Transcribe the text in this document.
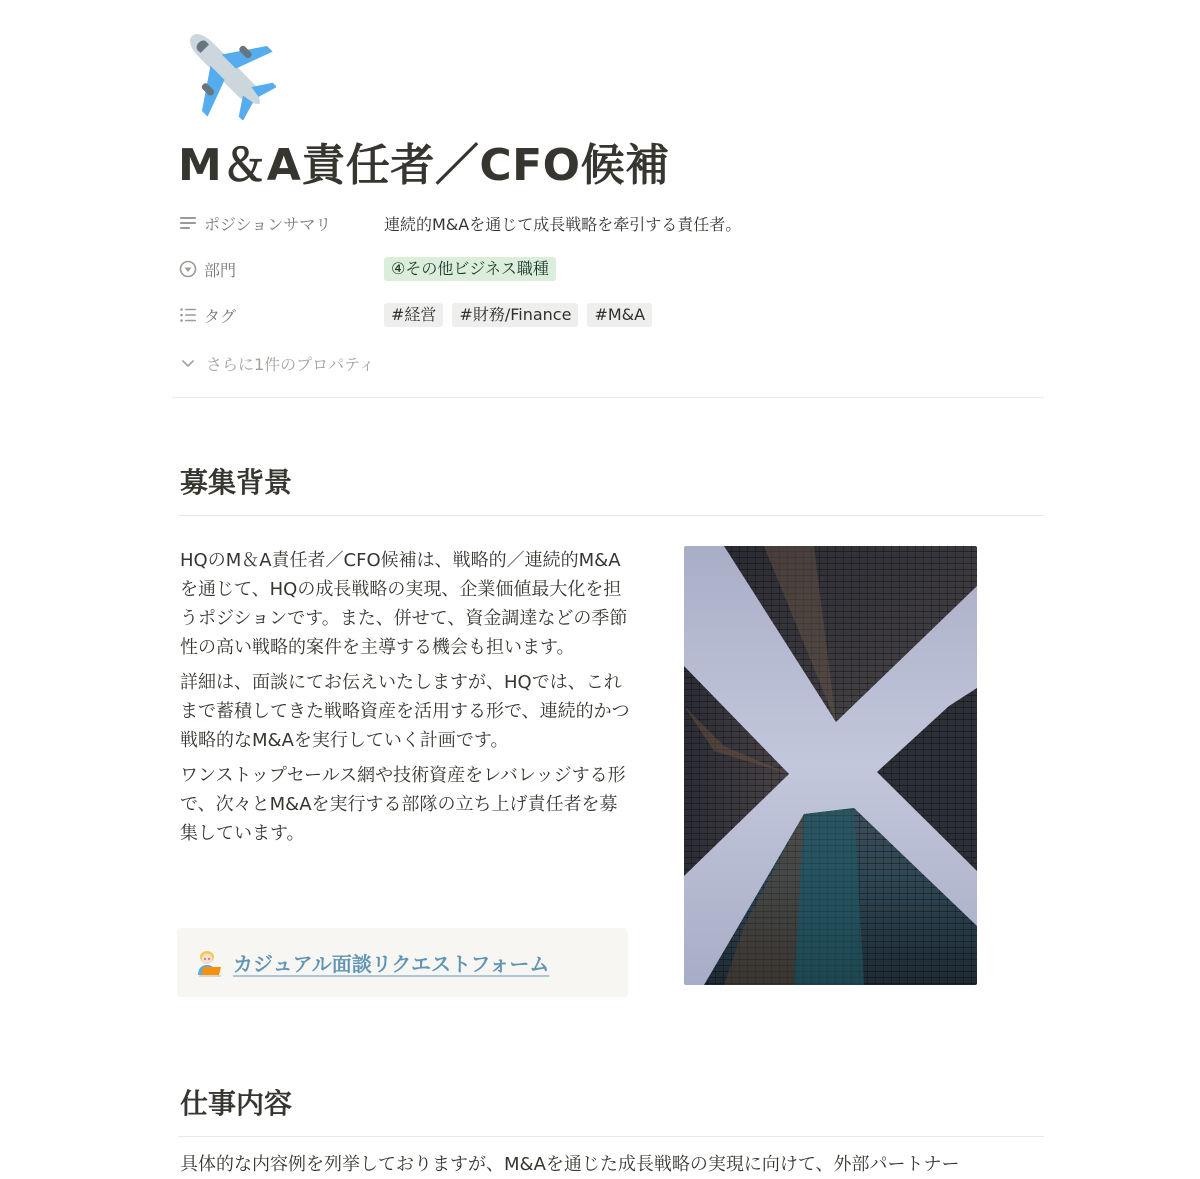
M＆A責任者／CFO候補
ポジションサマリ	連続的M&Aを通じて成長戦略を牽引する責任者。
部門	④その他ビジネス職種
タグ	#経営	#財務/Finance	#M&A
さらに1件のプロパティ
募集背景

HQのM＆A責任者／CFO候補は、戦略的／連続的M&Aを通じて、HQの成長戦略の実現、企業価値最大化を担うポジションです。また、併せて、資金調達などの季節性の高い戦略的案件を主導する機会も担います。

詳細は、面談にてお伝えいたしますが、HQでは、これまで蓄積してきた戦略資産を活用する形で、連続的かつ戦略的なM&Aを実行していく計画です。

ワンストップセールス網や技術資産をレバレッジする形で、次々とM&Aを実行する部隊の立ち上げ責任者を募集しています。

カジュアル面談リクエストフォーム
仕事内容
具体的な内容例を列挙しておりますが、M&Aを通じた成長戦略の実現に向けて、外部パートナー
